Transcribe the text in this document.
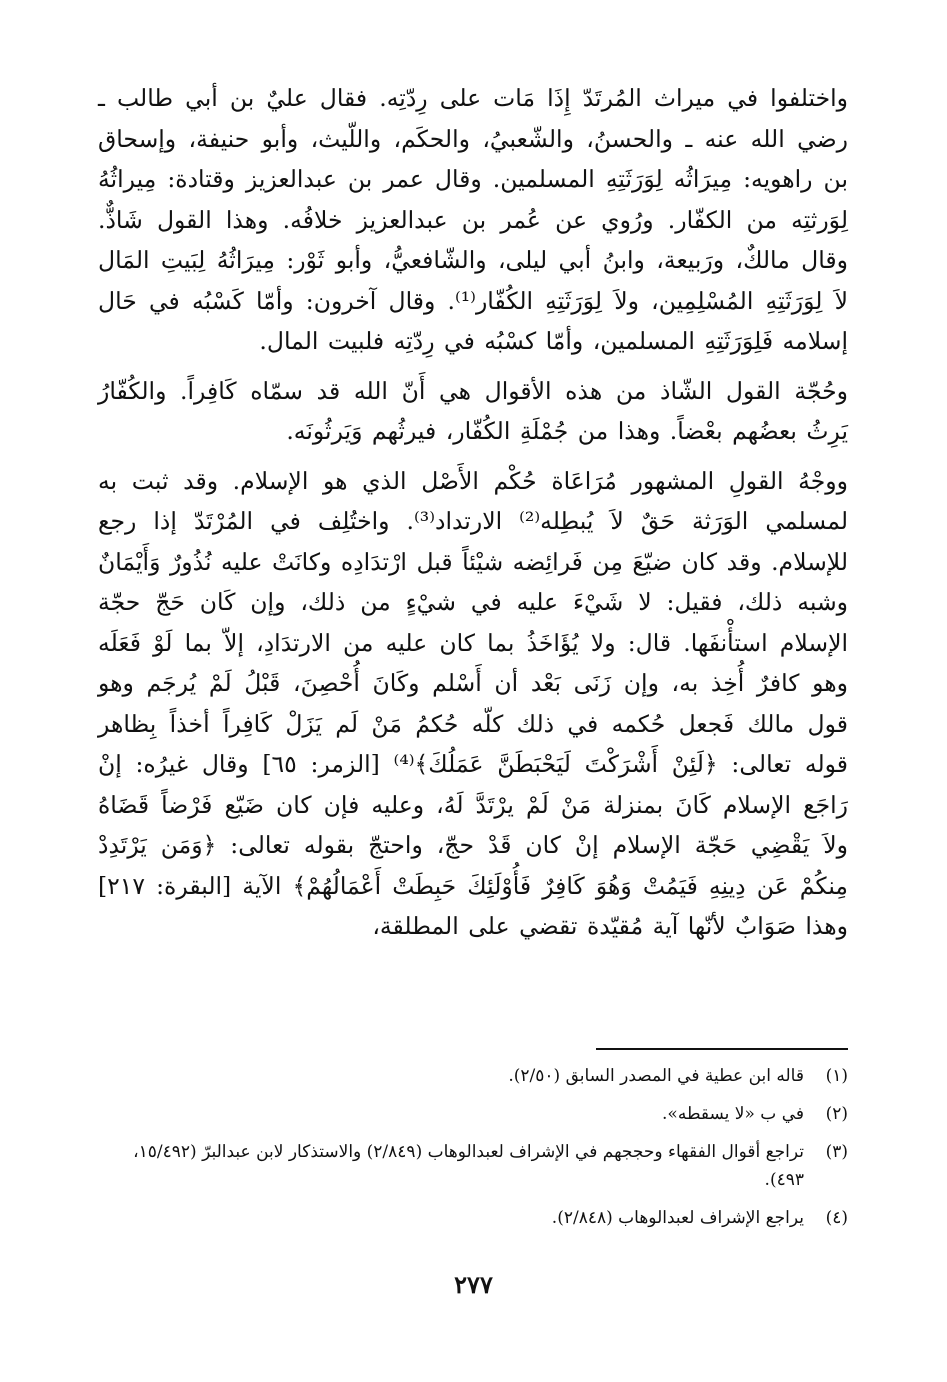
واختلفوا في ميراث المُرتَدّ إِذَا مَات على رِدّتِه. فقال عليٌ بن أبي طالب ـ رضي الله عنه ـ والحسنُ، والشّعبيُ، والحكَم، واللّيث، وأبو حنيفة، وإسحاق بن راهويه: مِيرَاثُه لِوَرَثَتِهِ المسلمين. وقال عمر بن عبدالعزيز وقتادة: مِيراثُهُ لِوَرثتِه من الكفّار. ورُوي عن عُمر بن عبدالعزيز خلافُه. وهذا القول شَاذٌّ. وقال مالكٌ، ورَبيعة، وابنُ أبي ليلى، والشّافعيُّ، وأبو ثَوْر: مِيرَاثُهُ لِبَيتِ المَال لاَ لِوَرَثَتِهِ المُسْلِمِين، ولاَ لِوَرَثَتِهِ الكُفّار⁽¹⁾. وقال آخرون: وأمّا كَسْبُه في حَال إسلامه فَلِوَرَثَتِهِ المسلمين، وأمّا كسْبُه في رِدّتِه فلبيت المال.

وحُجّة القول الشّاذ من هذه الأقوال هي أَنّ الله قد سمّاه كَافِراً. والكُفّارُ يَرِثُ بعضُهم بعْضاً. وهذا من جُمْلَةِ الكُفّار، فيرثُهم وَيَرثُونَه.

ووجْهُ القولِ المشهور مُرَاعَاة حُكْم الأَصْل الذي هو الإسلام. وقد ثبت به لمسلمي الوَرَثة حَقٌ لاَ يُبطِله⁽²⁾ الارتداد⁽³⁾. واختُلِف في المُرْتَدّ إذا رجع للإسلام. وقد كان ضيّعَ مِن فَرائِضه شيْئاً قبل ارْتدَادِه وكانَتْ عليه نُذُورٌ وَأَيْمَانٌ وشبه ذلك، فقيل: لا شَيْءَ عليه في شيْءٍ من ذلك، وإن كَان حَجّ حجّة الإسلام استأْنفَها. قال: ولا يُؤَاخَذُ بما كان عليه من الارتدَادِ، إلاّ بما لَوْ فَعَلَه وهو كافرٌ أُخِذ به، وإن زَنَى بَعْد أن أَسْلم وكَانَ أُحْصِنَ، قَبْلُ لَمْ يُرجَم وهو قول مالك فَجعل حُكمه في ذلك كلّه حُكمُ مَنْ لَم يَزَلْ كَافِراً أخذاً بِظاهر قوله تعالى: ﴿لَئِنْ أَشْرَكْتَ لَيَحْبَطَنَّ عَمَلُكَ﴾⁽⁴⁾ [الزمر: ٦٥] وقال غيرُه: إنْ رَاجَع الإسلام كَانَ بمنزلة مَنْ لَمْ يرْتَدَّ لَهُ، وعليه فإن كان ضَيّع فَرْضاً قَضَاهُ ولاَ يَقْضِي حَجّة الإسلام إنْ كان قَدْ حجّ، واحتجّ بقوله تعالى: ﴿وَمَن يَرْتَدِدْ مِنكُمْ عَن دِينِهِ فَيَمُتْ وَهُوَ كَافِرٌ فَأُوْلَئِكَ حَبِطَتْ أَعْمَالُهُمْ﴾ الآية [البقرة: ٢١٧] وهذا صَوَابٌ لأنّها آية مُقيّدة تقضي على المطلقة،

(١)
قاله ابن عطية في المصدر السابق (٢/٥٠).
(٢)
في ب «لا يسقطه».
(٣)
تراجع أقوال الفقهاء وحججهم في الإشراف لعبدالوهاب (٢/٨٤٩) والاستذكار لابن عبدالبرّ (١٥/٤٩٢، ٤٩٣).
(٤)
يراجع الإشراف لعبدالوهاب (٢/٨٤٨).
٢٧٧
